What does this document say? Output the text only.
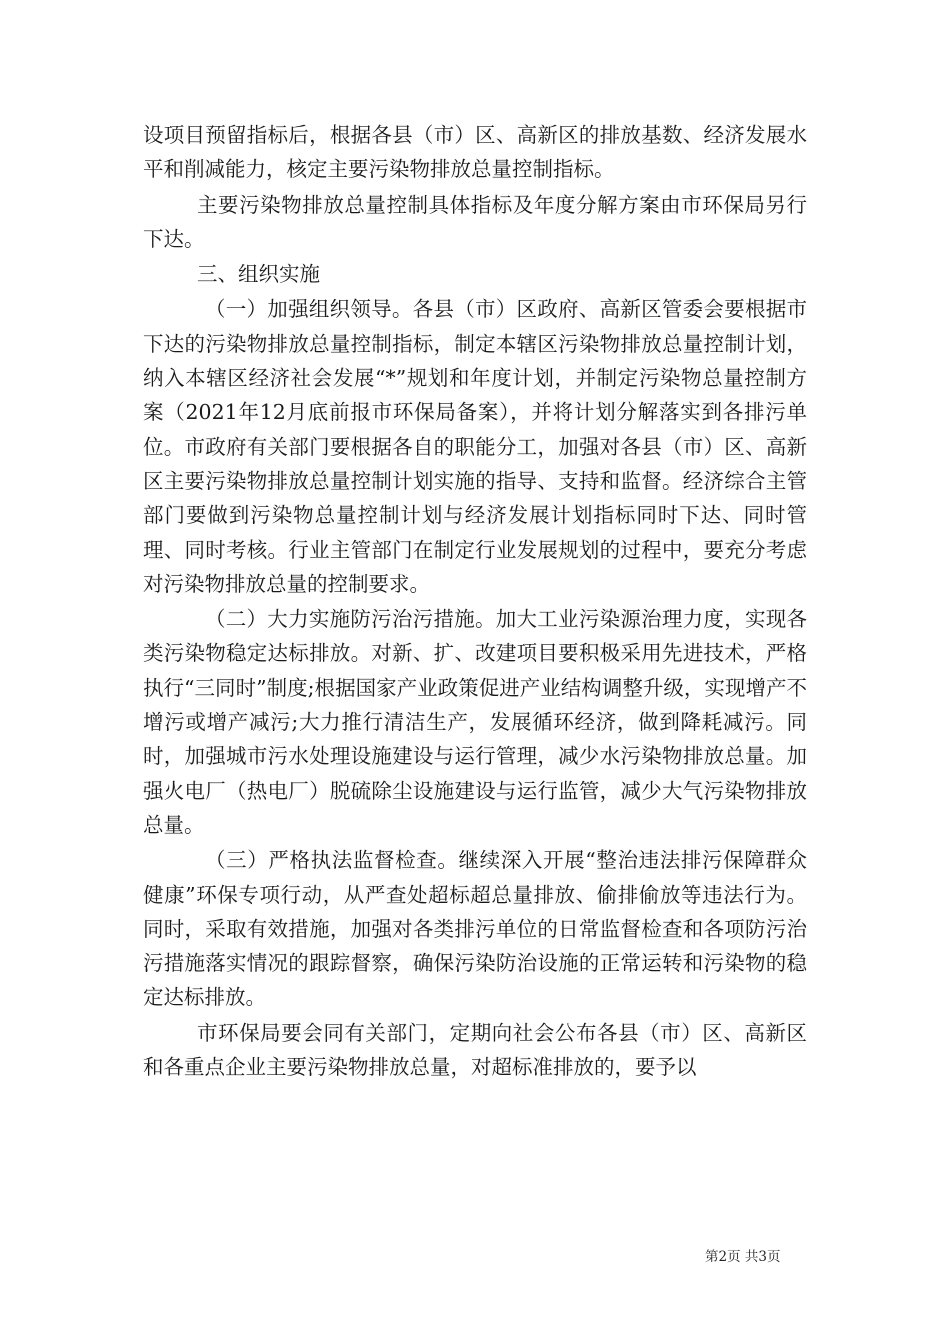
设项目预留指标后，根据各县（市）区、高新区的排放基数、经济发展水平和削减能力，核定主要污染物排放总量控制指标。

主要污染物排放总量控制具体指标及年度分解方案由市环保局另行下达。

三、组织实施

（一）加强组织领导。各县（市）区政府、高新区管委会要根据市下达的污染物排放总量控制指标，制定本辖区污染物排放总量控制计划，纳入本辖区经济社会发展“*”规划和年度计划，并制定污染物总量控制方案（2021年12月底前报市环保局备案），并将计划分解落实到各排污单位。市政府有关部门要根据各自的职能分工，加强对各县（市）区、高新区主要污染物排放总量控制计划实施的指导、支持和监督。经济综合主管部门要做到污染物总量控制计划与经济发展计划指标同时下达、同时管理、同时考核。行业主管部门在制定行业发展规划的过程中，要充分考虑对污染物排放总量的控制要求。

（二）大力实施防污治污措施。加大工业污染源治理力度，实现各类污染物稳定达标排放。对新、扩、改建项目要积极采用先进技术，严格执行“三同时”制度;根据国家产业政策促进产业结构调整升级，实现增产不增污或增产减污;大力推行清洁生产，发展循环经济，做到降耗减污。同时，加强城市污水处理设施建设与运行管理，减少水污染物排放总量。加强火电厂（热电厂）脱硫除尘设施建设与运行监管，减少大气污染物排放总量。

（三）严格执法监督检查。继续深入开展“整治违法排污保障群众健康”环保专项行动，从严查处超标超总量排放、偷排偷放等违法行为。同时，采取有效措施，加强对各类排污单位的日常监督检查和各项防污治污措施落实情况的跟踪督察，确保污染防治设施的正常运转和污染物的稳定达标排放。

市环保局要会同有关部门，定期向社会公布各县（市）区、高新区和各重点企业主要污染物排放总量，对超标准排放的，要予以

第2页 共3页
